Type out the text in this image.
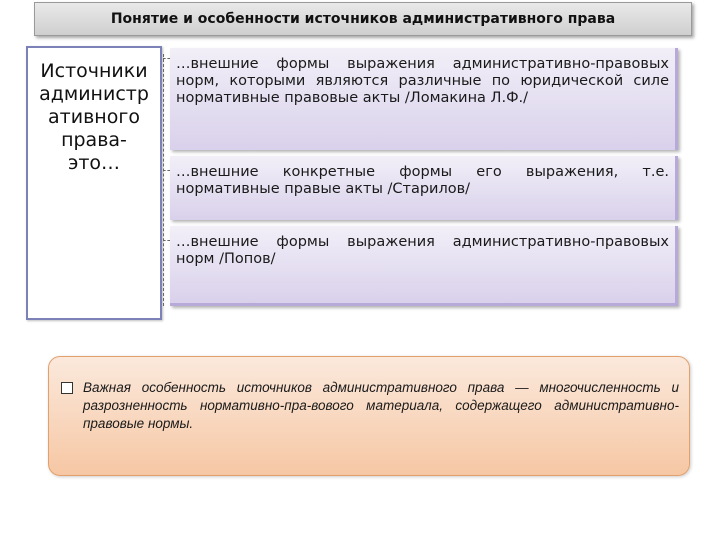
Понятие и особенности источников административного права
Источники
администр
ативного
права-
это…
…внешние формы выражения административно-правовых норм, которыми являются различные по юридической силе нормативные правовые акты /Ломакина Л.Ф./
…внешние конкретные формы его выражения, т.е. нормативные правые акты /Старилов/
…внешние формы выражения административно-правовых норм /Попов/
Важная особенность источников административного права — многочисленность и разрозненность нормативно-пра-вового материала, содержащего административно-правовые нормы.
